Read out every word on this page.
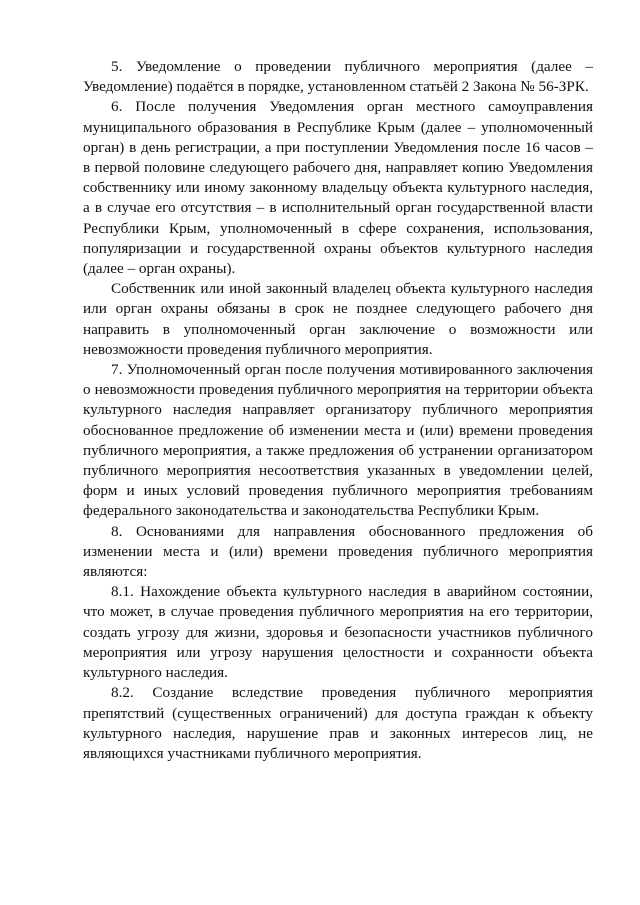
5. Уведомление о проведении публичного мероприятия (далее – Уведомление) подаётся в порядке, установленном статьёй 2 Закона № 56-ЗРК.

6. После получения Уведомления орган местного самоуправления муниципального образования в Республике Крым (далее – уполномоченный орган) в день регистрации, а при поступлении Уведомления после 16 часов – в первой половине следующего рабочего дня, направляет копию Уведомления собственнику или иному законному владельцу объекта культурного наследия, а в случае его отсутствия – в исполнительный орган государственной власти Республики Крым, уполномоченный в сфере сохранения, использования, популяризации и государственной охраны объектов культурного наследия (далее – орган охраны).

Собственник или иной законный владелец объекта культурного наследия или орган охраны обязаны в срок не позднее следующего рабочего дня направить в уполномоченный орган заключение о возможности или невозможности проведения публичного мероприятия.

7. Уполномоченный орган после получения мотивированного заключения о невозможности проведения публичного мероприятия на территории объекта культурного наследия направляет организатору публичного мероприятия обоснованное предложение об изменении места и (или) времени проведения публичного мероприятия, а также предложения об устранении организатором публичного мероприятия несоответствия указанных в уведомлении целей, форм и иных условий проведения публичного мероприятия требованиям федерального законодательства и законодательства Республики Крым.

8. Основаниями для направления обоснованного предложения об изменении места и (или) времени проведения публичного мероприятия являются:

8.1. Нахождение объекта культурного наследия в аварийном состоянии, что может, в случае проведения публичного мероприятия на его территории, создать угрозу для жизни, здоровья и безопасности участников публичного мероприятия или угрозу нарушения целостности и сохранности объекта культурного наследия.

8.2. Создание вследствие проведения публичного мероприятия препятствий (существенных ограничений) для доступа граждан к объекту культурного наследия, нарушение прав и законных интересов лиц, не являющихся участниками публичного мероприятия.
